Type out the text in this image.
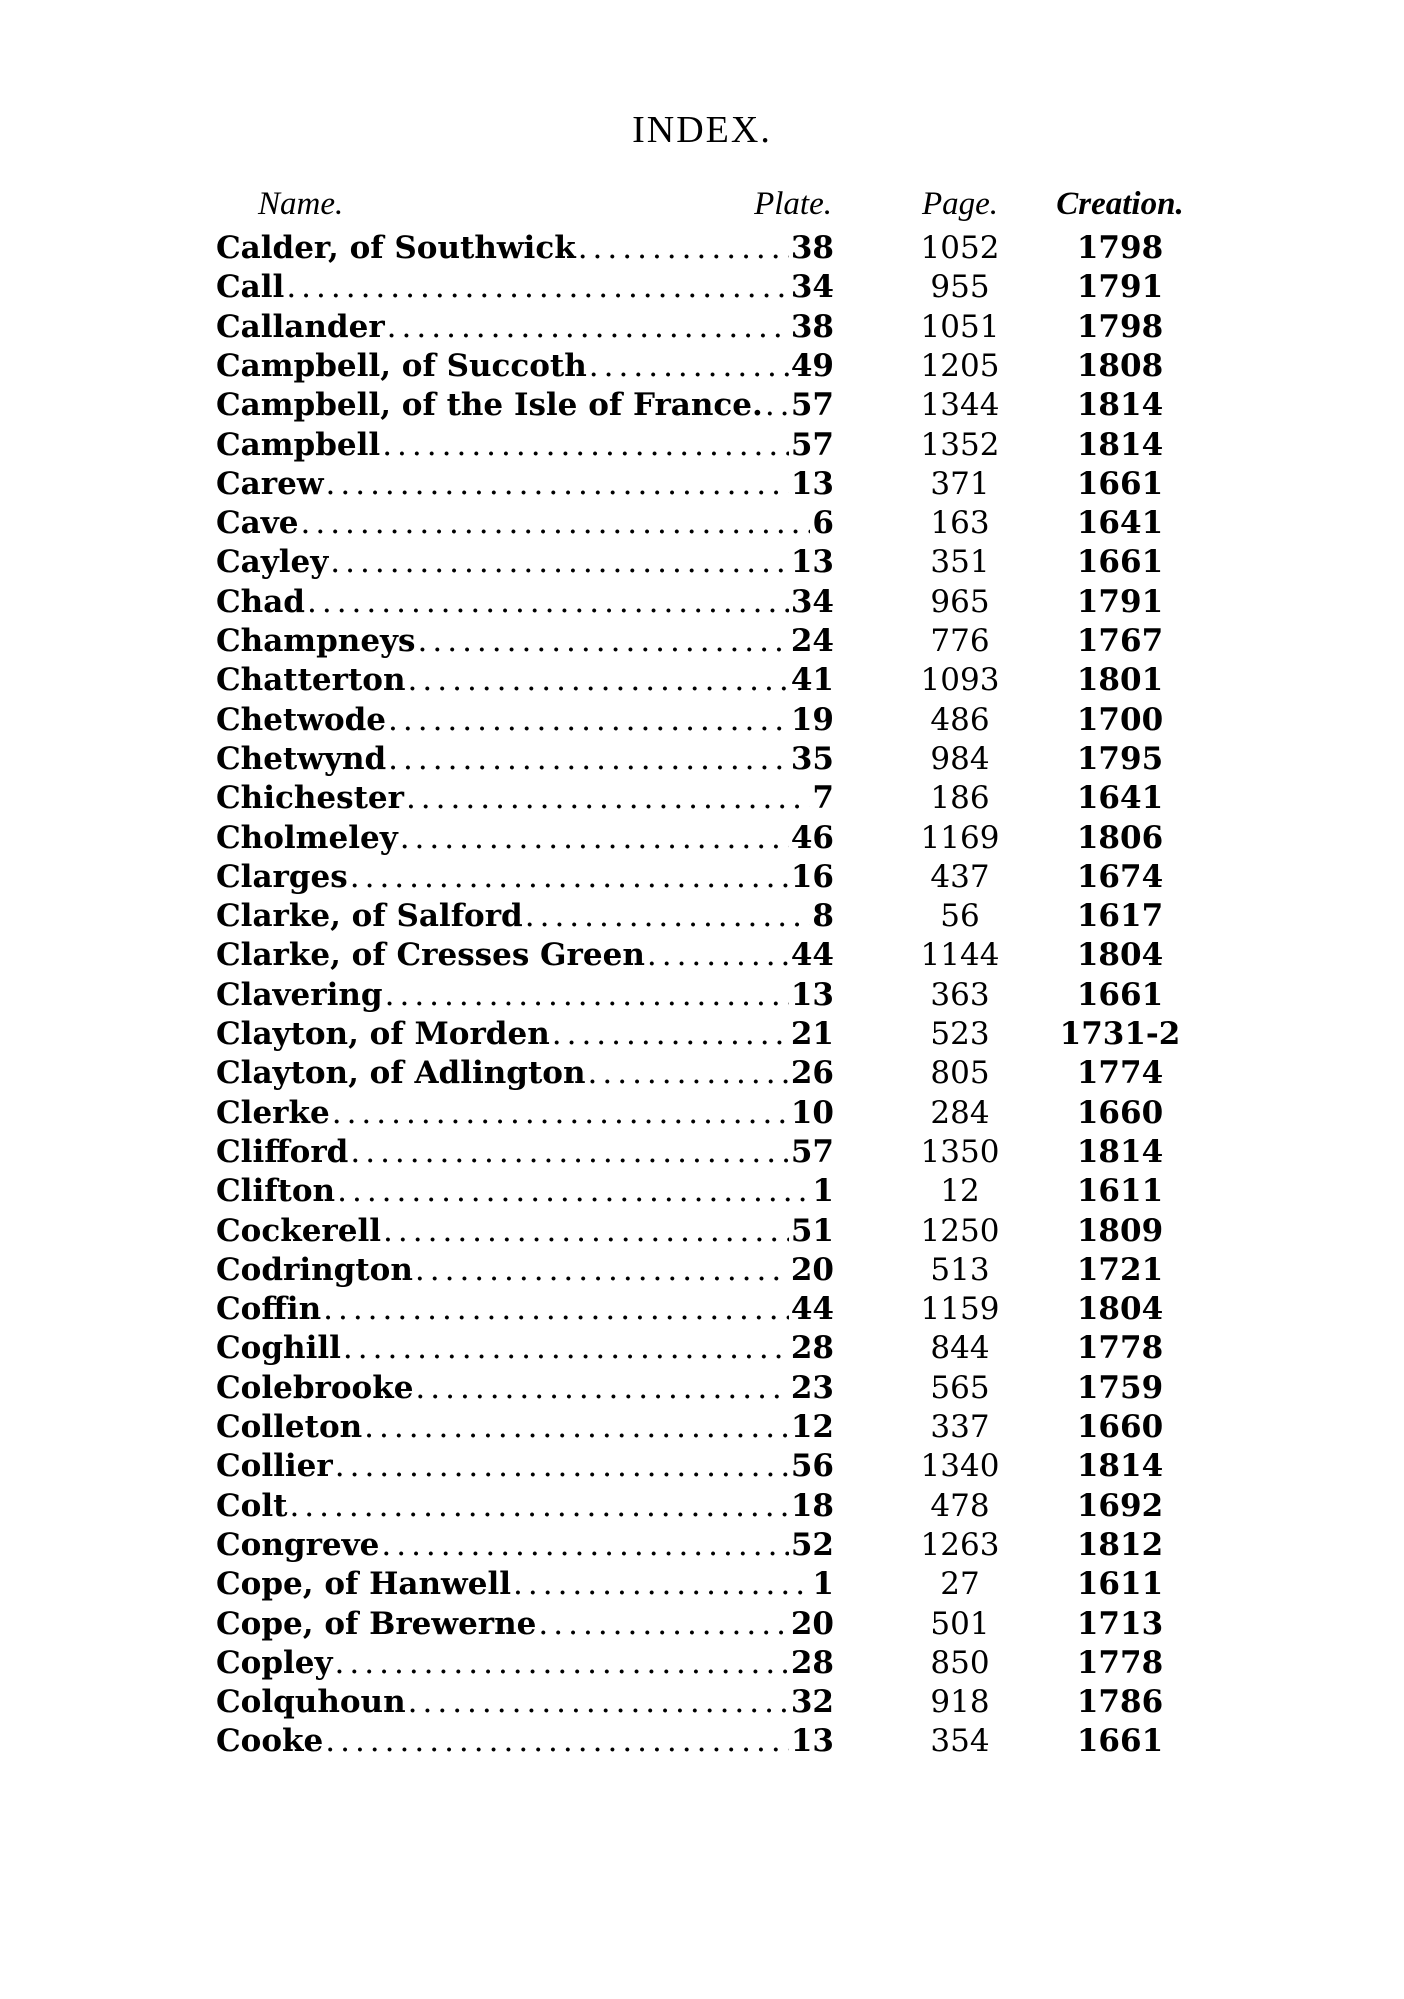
INDEX.
Name.	Plate.	Page.	Creation.
Calder, of Southwick .....	38	1052	1798
Call .....	34	955	1791
Callander .....	38	1051	1798
Campbell, of Succoth .....	49	1205	1808
Campbell, of the Isle of France. ..... 57	1344	1814
Campbell .....	57	1352	1814
Carew .....	13	371	1661
Cave .....	6	163	1641
Cayley .....	13	351	1661
Chad .....	34	965	1791
Champneys .....	24	776	1767
Chatterton .....	41	1093	1801
Chetwode .....	19	486	1700
Chetwynd .....	35	984	1795
Chichester .....	7	186	1641
Cholmeley .....	46	1169	1806
Clarges .....	16	437	1674
Clarke, of Salford .....	8	56	1617
Clarke, of Cresses Green .....	44	1144	1804
Clavering .....	13	363	1661
Clayton, of Morden .....	21	523	1731-2
Clayton, of Adlington .....	26	805	1774
Clerke .....	10	284	1660
Clifford .....	57	1350	1814
Clifton .....	1	12	1611
Cockerell .....	51	1250	1809
Codrington .....	20	513	1721
Coffin .....	44	1159	1804
Coghill .....	28	844	1778
Colebrooke .....	23	565	1759
Colleton .....	12	337	1660
Collier .....	56	1340	1814
Colt .....	18	478	1692
Congreve .....	52	1263	1812
Cope, of Hanwell .....	1	27	1611
Cope, of Brewerne .....	20	501	1713
Copley .....	28	850	1778
Colquhoun .....	32	918	1786
Cooke .....	13	354	1661
